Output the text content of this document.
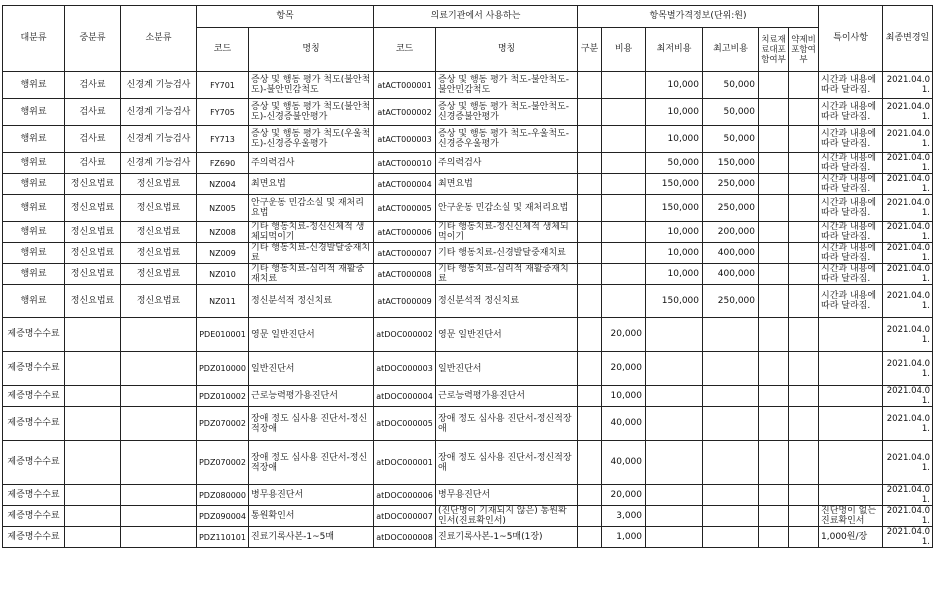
대분류	중분류	소분류	항목		의료기관에서 사용하는		항목별가격정보(단위:원)						특이사항	최종변경일
			코드	명칭	코드	명칭	구분	비용	최저비용	최고비용	치료재료대포함여부	약제비포함여부		
행위료	검사료	신경계 기능검사	FY701	증상 및 행동 평가 척도(불안척도)-불안민감척도	atACT000001	증상 및 행동 평가 척도-불안척도-불안민감척도			10,000	50,000			시간과 내용에 따라 달라짐.	2021.04.01.
행위료	검사료	신경계 기능검사	FY705	증상 및 행동 평가 척도(불안척도)-신경증불안평가	atACT000002	증상 및 행동 평가 척도-불안척도-신경증불안평가			10,000	50,000			시간과 내용에 따라 달라짐.	2021.04.01.
행위료	검사료	신경계 기능검사	FY713	증상 및 행동 평가 척도(우울척도)-신경증우울평가	atACT000003	증상 및 행동 평가 척도-우울척도-신경증우울평가			10,000	50,000			시간과 내용에 따라 달라짐.	2021.04.01.
행위료	검사료	신경계 기능검사	FZ690	주의력검사	atACT000010	주의력검사			50,000	150,000			시간과 내용에 따라 달라짐.	2021.04.01.
행위료	정신요법료	정신요법료	NZ004	최면요법	atACT000004	최면요법			150,000	250,000			시간과 내용에 따라 달라짐.	2021.04.01.
행위료	정신요법료	정신요법료	NZ005	안구운동 민감소실 및 재처리요법	atACT000005	안구운동 민감소실 및 재처리요법			150,000	250,000			시간과 내용에 따라 달라짐.	2021.04.01.
행위료	정신요법료	정신요법료	NZ008	기타 행동치료-정신신체적 생체되먹이기	atACT000006	기타 행동치료-정신신체적 생체되먹이기			10,000	200,000			시간과 내용에 따라 달라짐.	2021.04.01.
행위료	정신요법료	정신요법료	NZ009	기타 행동치료-신경발달중재치료	atACT000007	기타 행동치료-신경발달중재치료			10,000	400,000			시간과 내용에 따라 달라짐.	2021.04.01.
행위료	정신요법료	정신요법료	NZ010	기타 행동치료-심리적 재활중재치료	atACT000008	기타 행동치료-심리적 재활중재치료			10,000	400,000			시간과 내용에 따라 달라짐.	2021.04.01.
행위료	정신요법료	정신요법료	NZ011	정신분석적 정신치료	atACT000009	정신분석적 정신치료			150,000	250,000			시간과 내용에 따라 달라짐.	2021.04.01.
제증명수수료			PDE010001	영문 일반진단서	atDOC000002	영문 일반진단서		20,000						2021.04.01.
제증명수수료			PDZ010000	일반진단서	atDOC000003	일반진단서		20,000						2021.04.01.
제증명수수료			PDZ010002	근로능력평가용진단서	atDOC000004	근로능력평가용진단서		10,000						2021.04.01.
제증명수수료			PDZ070002	장애 정도 심사용 진단서-정신적장애	atDOC000005	장애 정도 심사용 진단서-정신적장애		40,000						2021.04.01.
제증명수수료			PDZ070002	장애 정도 심사용 진단서-정신적장애	atDOC000001	장애 정도 심사용 진단서-정신적장애		40,000						2021.04.01.
제증명수수료			PDZ080000	병무용진단서	atDOC000006	병무용진단서		20,000						2021.04.01.
제증명수수료			PDZ090004	통원확인서	atDOC000007	(진단명이 기재되지 않은) 통원확인서(진료확인서)		3,000					진단명이 없는 진료확인서	2021.04.01.
제증명수수료			PDZ110101	진료기록사본-1~5매	atDOC000008	진료기록사본-1~5매(1장)		1,000					1,000원/장	2021.04.01.
